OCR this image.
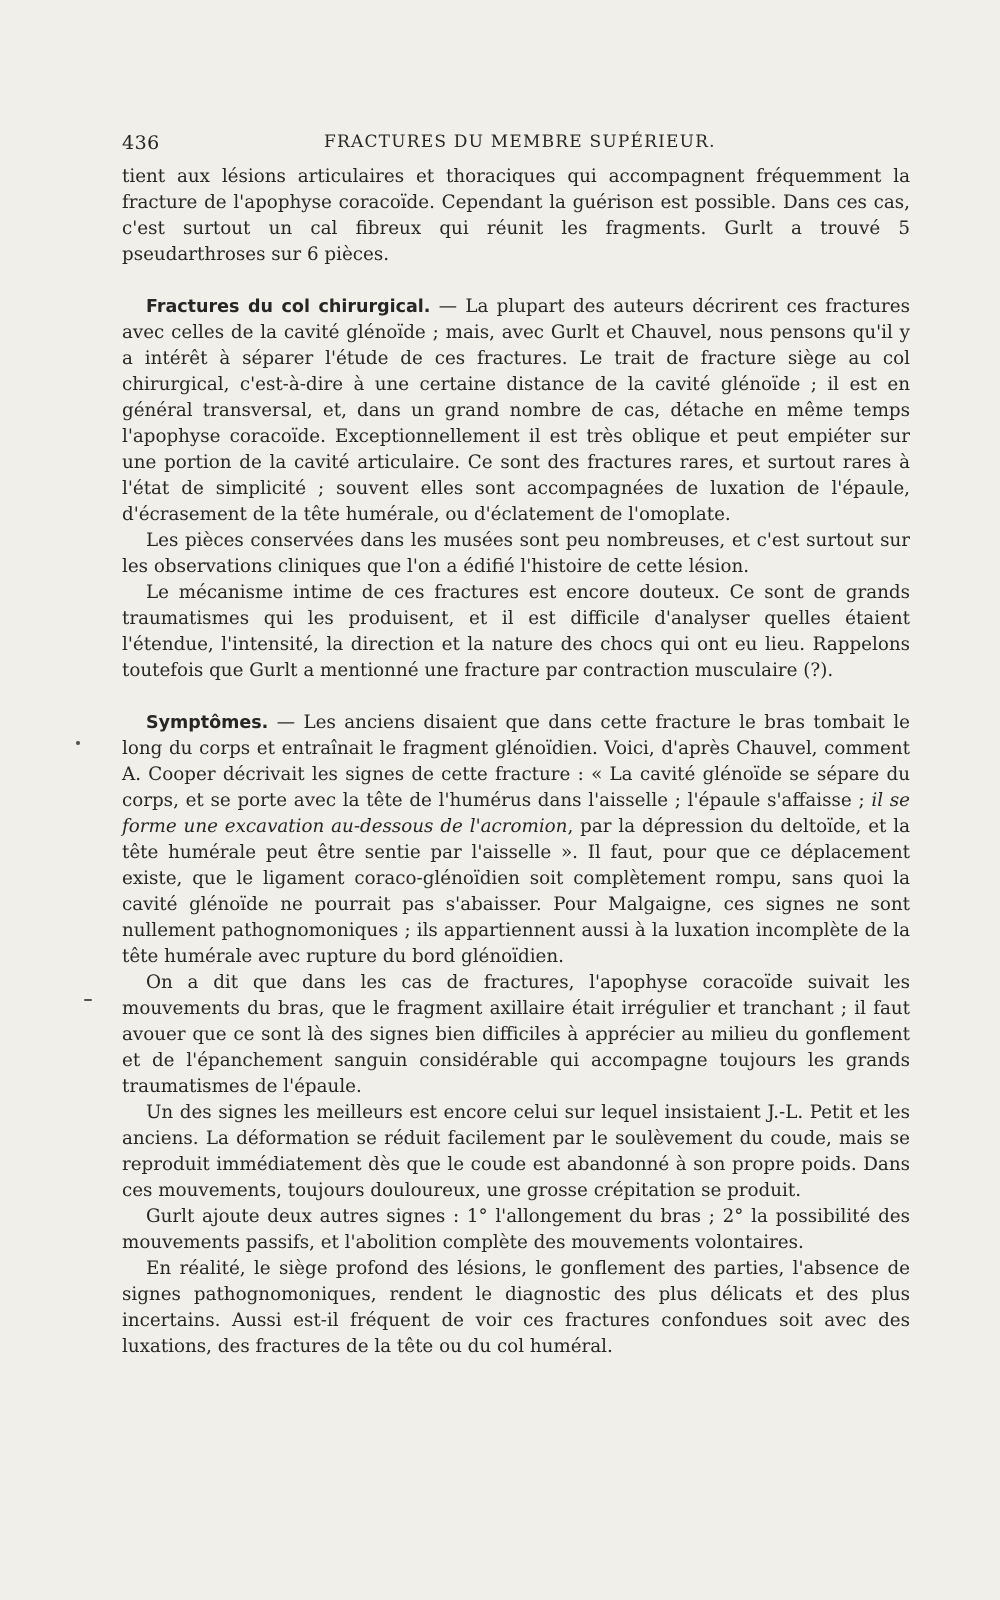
436	FRACTURES DU MEMBRE SUPÉRIEUR.

tient aux lésions articulaires et thoraciques qui accompagnent fréquemment la fracture de l'apophyse coracoïde. Cependant la guérison est possible. Dans ces cas, c'est surtout un cal fibreux qui réunit les fragments. Gurlt a trouvé 5 pseudarthroses sur 6 pièces.

Fractures du col chirurgical. — La plupart des auteurs décrirent ces fractures avec celles de la cavité glénoïde ; mais, avec Gurlt et Chauvel, nous pensons qu'il y a intérêt à séparer l'étude de ces fractures. Le trait de fracture siège au col chirurgical, c'est-à-dire à une certaine distance de la cavité glénoïde ; il est en général transversal, et, dans un grand nombre de cas, détache en même temps l'apophyse coracoïde. Exceptionnellement il est très oblique et peut empiéter sur une portion de la cavité articulaire. Ce sont des fractures rares, et surtout rares à l'état de simplicité ; souvent elles sont accompagnées de luxation de l'épaule, d'écrasement de la tête humérale, ou d'éclatement de l'omoplate.

Les pièces conservées dans les musées sont peu nombreuses, et c'est surtout sur les observations cliniques que l'on a édifié l'histoire de cette lésion.

Le mécanisme intime de ces fractures est encore douteux. Ce sont de grands traumatismes qui les produisent, et il est difficile d'analyser quelles étaient l'étendue, l'intensité, la direction et la nature des chocs qui ont eu lieu. Rappelons toutefois que Gurlt a mentionné une fracture par contraction musculaire (?).

Symptômes. — Les anciens disaient que dans cette fracture le bras tombait le long du corps et entraînait le fragment glénoïdien. Voici, d'après Chauvel, comment A. Cooper décrivait les signes de cette fracture : « La cavité glénoïde se sépare du corps, et se porte avec la tête de l'humérus dans l'aisselle ; l'épaule s'affaisse ; il se forme une excavation au-dessous de l'acromion, par la dépression du deltoïde, et la tête humérale peut être sentie par l'aisselle ». Il faut, pour que ce déplacement existe, que le ligament coraco-glénoïdien soit complètement rompu, sans quoi la cavité glénoïde ne pourrait pas s'abaisser. Pour Malgaigne, ces signes ne sont nullement pathognomoniques ; ils appartiennent aussi à la luxation incomplète de la tête humérale avec rupture du bord glénoïdien.

On a dit que dans les cas de fractures, l'apophyse coracoïde suivait les mouvements du bras, que le fragment axillaire était irrégulier et tranchant ; il faut avouer que ce sont là des signes bien difficiles à apprécier au milieu du gonflement et de l'épanchement sanguin considérable qui accompagne toujours les grands traumatismes de l'épaule.

Un des signes les meilleurs est encore celui sur lequel insistaient J.-L. Petit et les anciens. La déformation se réduit facilement par le soulèvement du coude, mais se reproduit immédiatement dès que le coude est abandonné à son propre poids. Dans ces mouvements, toujours douloureux, une grosse crépitation se produit.

Gurlt ajoute deux autres signes : 1° l'allongement du bras ; 2° la possibilité des mouvements passifs, et l'abolition complète des mouvements volontaires.

En réalité, le siège profond des lésions, le gonflement des parties, l'absence de signes pathognomoniques, rendent le diagnostic des plus délicats et des plus incertains. Aussi est-il fréquent de voir ces fractures confondues soit avec des luxations, des fractures de la tête ou du col huméral.
